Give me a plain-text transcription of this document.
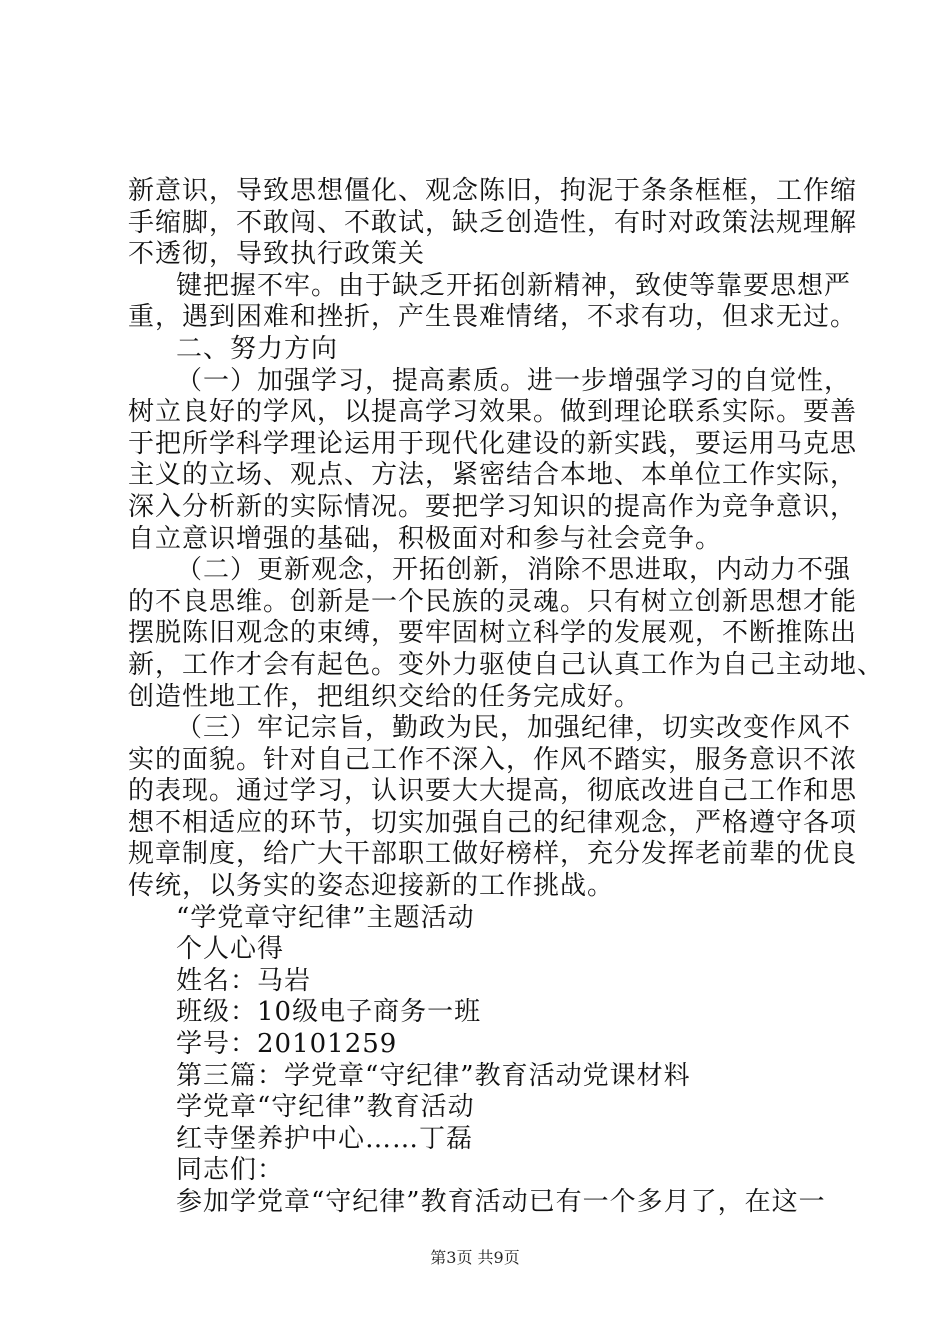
新意识，导致思想僵化、观念陈旧，拘泥于条条框框，工作缩
手缩脚，不敢闯、不敢试，缺乏创造性，有时对政策法规理解
不透彻，导致执行政策关
键把握不牢。由于缺乏开拓创新精神，致使等靠要思想严
重，遇到困难和挫折，产生畏难情绪，不求有功，但求无过。
二、努力方向
（一）加强学习，提高素质。进一步增强学习的自觉性，
树立良好的学风，以提高学习效果。做到理论联系实际。要善
于把所学科学理论运用于现代化建设的新实践，要运用马克思
主义的立场、观点、方法，紧密结合本地、本单位工作实际，
深入分析新的实际情况。要把学习知识的提高作为竞争意识，
自立意识增强的基础，积极面对和参与社会竞争。
（二）更新观念，开拓创新，消除不思进取，内动力不强
的不良思维。创新是一个民族的灵魂。只有树立创新思想才能
摆脱陈旧观念的束缚，要牢固树立科学的发展观，不断推陈出
新，工作才会有起色。变外力驱使自己认真工作为自己主动地、
创造性地工作，把组织交给的任务完成好。
（三）牢记宗旨，勤政为民，加强纪律，切实改变作风不
实的面貌。针对自己工作不深入，作风不踏实，服务意识不浓
的表现。通过学习，认识要大大提高，彻底改进自己工作和思
想不相适应的环节，切实加强自己的纪律观念，严格遵守各项
规章制度，给广大干部职工做好榜样，充分发挥老前辈的优良
传统，以务实的姿态迎接新的工作挑战。
“学党章守纪律”主题活动
个人心得
姓名：马岩
班级：10级电子商务一班
学号：20101259
第三篇：学党章“守纪律”教育活动党课材料
学党章“守纪律”教育活动
红寺堡养护中心……丁磊
同志们：
参加学党章“守纪律”教育活动已有一个多月了，在这一
第3页 共9页
